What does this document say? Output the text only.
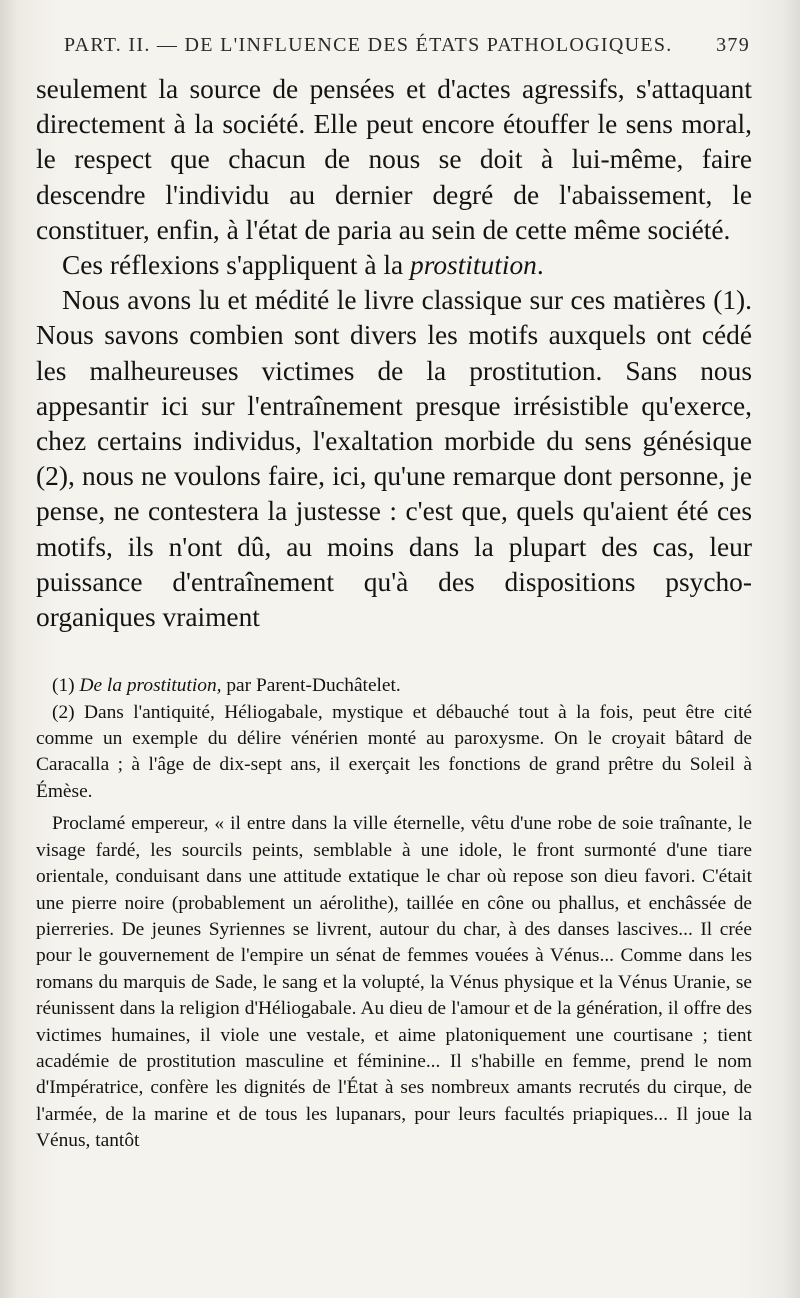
PART. II. — DE L'INFLUENCE DES ÉTATS PATHOLOGIQUES. 379

seulement la source de pensées et d'actes agressifs, s'attaquant directement à la société. Elle peut encore étouffer le sens moral, le respect que chacun de nous se doit à lui-même, faire descendre l'individu au dernier degré de l'abaissement, le constituer, enfin, à l'état de paria au sein de cette même société.

Ces réflexions s'appliquent à la prostitution.

Nous avons lu et médité le livre classique sur ces matières (1). Nous savons combien sont divers les motifs auxquels ont cédé les malheureuses victimes de la prostitution. Sans nous appesantir ici sur l'entraînement presque irrésistible qu'exerce, chez certains individus, l'exaltation morbide du sens génésique (2), nous ne voulons faire, ici, qu'une remarque dont personne, je pense, ne contestera la justesse : c'est que, quels qu'aient été ces motifs, ils n'ont dû, au moins dans la plupart des cas, leur puissance d'entraînement qu'à des dispositions psycho-organiques vraiment

(1) De la prostitution, par Parent-Duchâtelet.

(2) Dans l'antiquité, Héliogabale, mystique et débauché tout à la fois, peut être cité comme un exemple du délire vénérien monté au paroxysme. On le croyait bâtard de Caracalla ; à l'âge de dix-sept ans, il exerçait les fonctions de grand prêtre du Soleil à Émèse.

Proclamé empereur, « il entre dans la ville éternelle, vêtu d'une robe de soie traînante, le visage fardé, les sourcils peints, semblable à une idole, le front surmonté d'une tiare orientale, conduisant dans une attitude extatique le char où repose son dieu favori. C'était une pierre noire (probablement un aérolithe), taillée en cône ou phallus, et enchâssée de pierreries. De jeunes Syriennes se livrent, autour du char, à des danses lascives... Il crée pour le gouvernement de l'empire un sénat de femmes vouées à Vénus... Comme dans les romans du marquis de Sade, le sang et la volupté, la Vénus physique et la Vénus Uranie, se réunissent dans la religion d'Héliogabale. Au dieu de l'amour et de la génération, il offre des victimes humaines, il viole une vestale, et aime platoniquement une courtisane ; tient académie de prostitution masculine et féminine... Il s'habille en femme, prend le nom d'Impératrice, confère les dignités de l'État à ses nombreux amants recrutés du cirque, de l'armée, de la marine et de tous les lupanars, pour leurs facultés priapiques... Il joue la Vénus, tantôt
